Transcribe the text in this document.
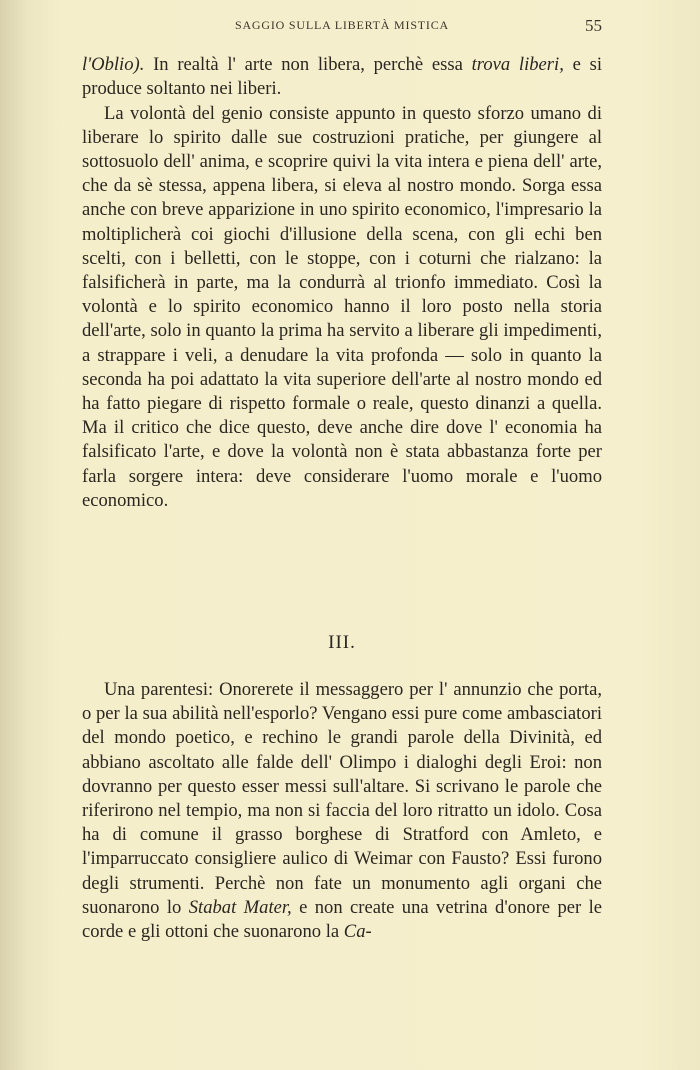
SAGGIO SULLA LIBERTÀ MISTICA	55

l'Oblio). In realtà l' arte non libera, perchè essa trova liberi, e si produce soltanto nei liberi.

La volontà del genio consiste appunto in questo sforzo umano di liberare lo spirito dalle sue costruzioni pratiche, per giungere al sottosuolo dell' anima, e scoprire quivi la vita intera e piena dell' arte, che da sè stessa, appena libera, si eleva al nostro mondo. Sorga essa anche con breve apparizione in uno spirito economico, l'impresario la moltiplicherà coi giochi d'illusione della scena, con gli echi ben scelti, con i belletti, con le stoppe, con i coturni che rialzano: la falsificherà in parte, ma la condurrà al trionfo immediato. Così la volontà e lo spirito economico hanno il loro posto nella storia dell'arte, solo in quanto la prima ha servito a liberare gli impedimenti, a strappare i veli, a denudare la vita profonda — solo in quanto la seconda ha poi adattato la vita superiore dell'arte al nostro mondo ed ha fatto piegare di rispetto formale o reale, questo dinanzi a quella. Ma il critico che dice questo, deve anche dire dove l' economia ha falsificato l'arte, e dove la volontà non è stata abbastanza forte per farla sorgere intera: deve considerare l'uomo morale e l'uomo economico.

III.

Una parentesi: Onorerete il messaggero per l' annunzio che porta, o per la sua abilità nell'esporlo? Vengano essi pure come ambasciatori del mondo poetico, e rechino le grandi parole della Divinità, ed abbiano ascoltato alle falde dell' Olimpo i dialoghi degli Eroi: non dovranno per questo esser messi sull'altare. Si scrivano le parole che riferirono nel tempio, ma non si faccia del loro ritratto un idolo. Cosa ha di comune il grasso borghese di Stratford con Amleto, e l'imparruccato consigliere aulico di Weimar con Fausto? Essi furono degli strumenti. Perchè non fate un monumento agli organi che suonarono lo Stabat Mater, e non create una vetrina d'onore per le corde e gli ottoni che suonarono la Ca-
